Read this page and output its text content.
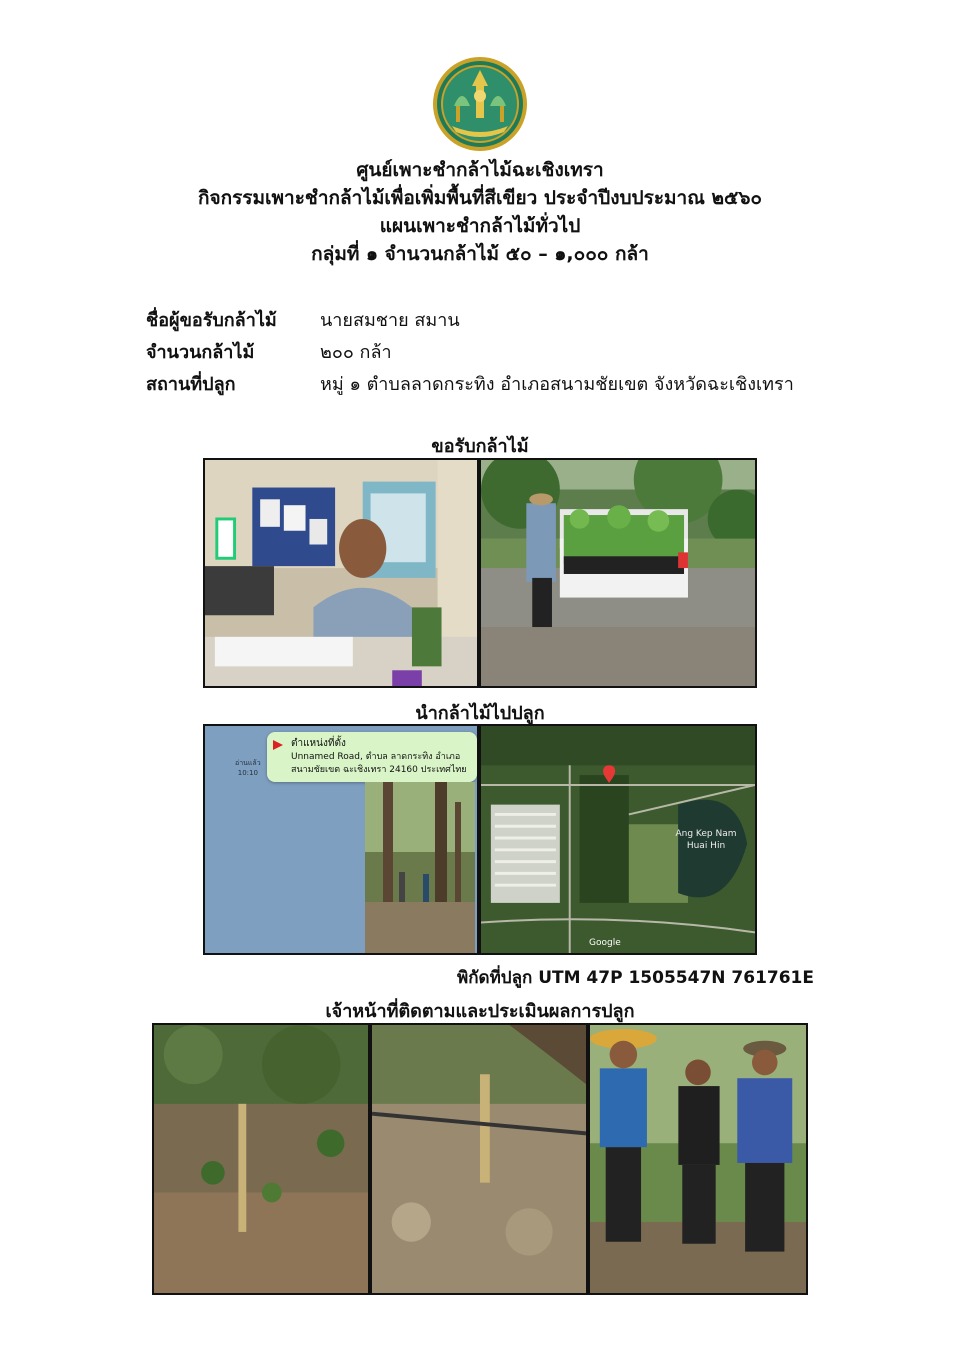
ศูนย์เพาะชำกล้าไม้ฉะเชิงเทรา
กิจกรรมเพาะชำกล้าไม้เพื่อเพิ่มพื้นที่สีเขียว ประจำปีงบประมาณ ๒๕๖๐
แผนเพาะชำกล้าไม้ทั่วไป
กลุ่มที่ ๑ จำนวนกล้าไม้ ๕๐ – ๑,๐๐๐ กล้า
ชื่อผู้ขอรับกล้าไม้ นายสมชาย สมาน
จำนวนกล้าไม้	๒๐๐ กล้า
สถานที่ปลูก	หมู่ ๑ ตำบลลาดกระทิง อำเภอสนามชัยเขต จังหวัดฉะเชิงเทรา
ขอรับกล้าไม้
นำกล้าไม้ไปปลูก
ตำแหน่งที่ตั้ง
Unnamed Road, ตำบล ลาดกระทิง อำเภอ สนามชัยเขต ฉะเชิงเทรา 24160 ประเทศไทย
อ่านแล้ว
10:10
Ang Kep Nam Huai Hin
Google
พิกัดที่ปลูก UTM 47P 1505547N 761761E
เจ้าหน้าที่ติดตามและประเมินผลการปลูก
